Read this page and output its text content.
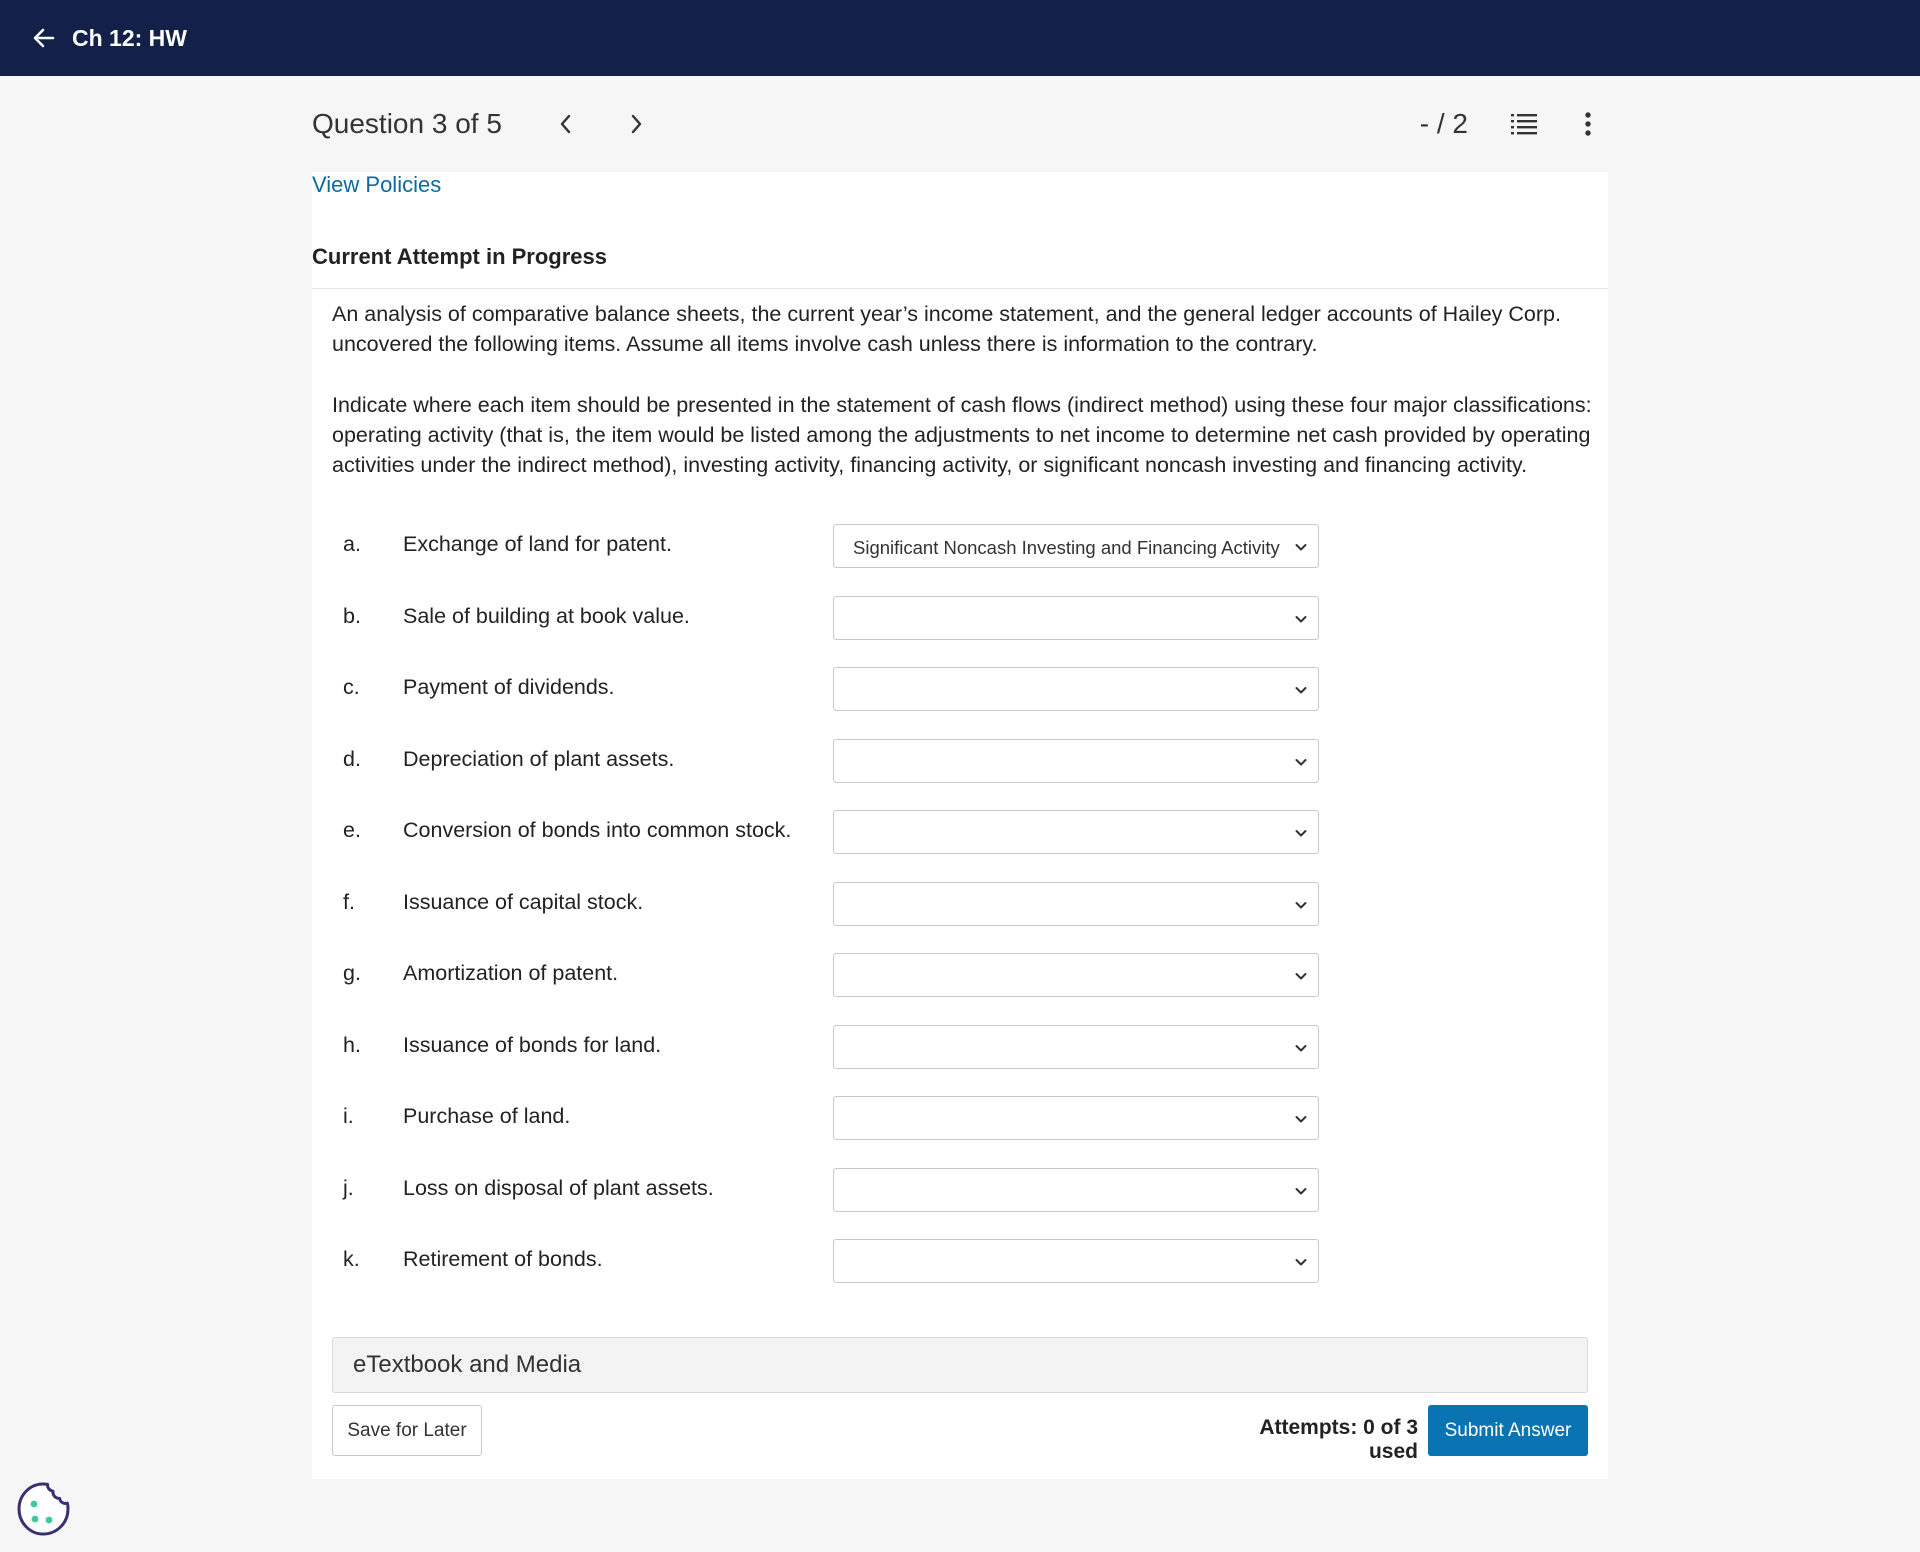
Ch 12: HW
Question 3 of 5	- / 2
View Policies
Current Attempt in Progress

An analysis of comparative balance sheets, the current year’s income statement, and the general ledger accounts of Hailey Corp. uncovered the following items. Assume all items involve cash unless there is information to the contrary.

Indicate where each item should be presented in the statement of cash flows (indirect method) using these four major classifications: operating activity (that is, the item would be listed among the adjustments to net income to determine net cash provided by operating activities under the indirect method), investing activity, financing activity, or significant noncash investing and financing activity.

a. Exchange of land for patent.	Significant Noncash Investing and Financing Activity
b. Sale of building at book value.
c. Payment of dividends.
d. Depreciation of plant assets.
e. Conversion of bonds into common stock.
f. Issuance of capital stock.
g. Amortization of patent.
h. Issuance of bonds for land.
i. Purchase of land.
j. Loss on disposal of plant assets.
k. Retirement of bonds.
eTextbook and Media
Save for Later	Attempts: 0 of 3 used
Submit Answer
